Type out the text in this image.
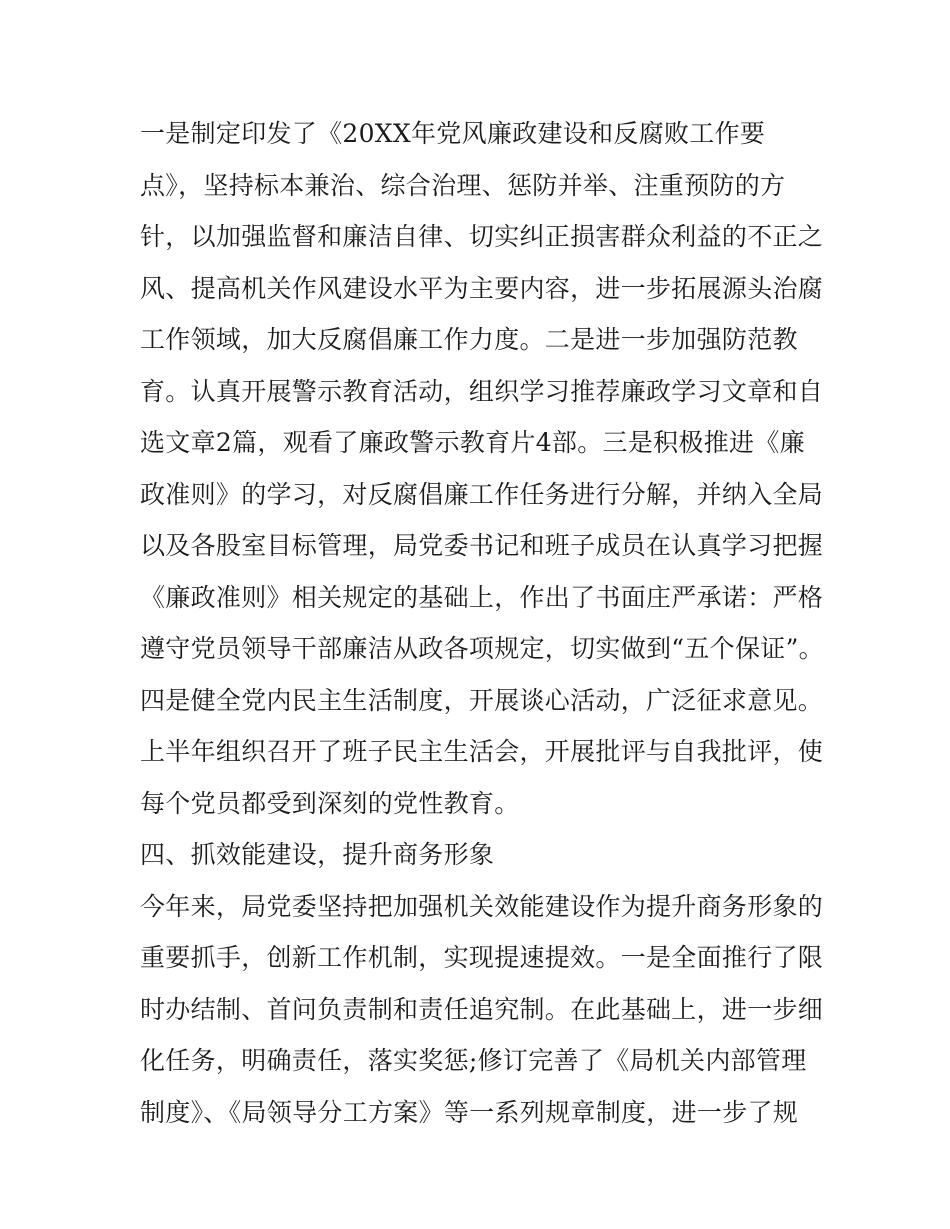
一是制定印发了《20XX年党风廉政建设和反腐败工作要
点》，坚持标本兼治、综合治理、惩防并举、注重预防的方
针，以加强监督和廉洁自律、切实纠正损害群众利益的不正之
风、提高机关作风建设水平为主要内容，进一步拓展源头治腐
工作领域，加大反腐倡廉工作力度。二是进一步加强防范教
育。认真开展警示教育活动，组织学习推荐廉政学习文章和自
选文章2篇，观看了廉政警示教育片4部。三是积极推进《廉
政准则》的学习，对反腐倡廉工作任务进行分解，并纳入全局
以及各股室目标管理，局党委书记和班子成员在认真学习把握
《廉政准则》相关规定的基础上，作出了书面庄严承诺：严格
遵守党员领导干部廉洁从政各项规定，切实做到“五个保证”。
四是健全党内民主生活制度，开展谈心活动，广泛征求意见。
上半年组织召开了班子民主生活会，开展批评与自我批评，使
每个党员都受到深刻的党性教育。
四、抓效能建设，提升商务形象
今年来，局党委坚持把加强机关效能建设作为提升商务形象的
重要抓手，创新工作机制，实现提速提效。一是全面推行了限
时办结制、首问负责制和责任追究制。在此基础上，进一步细
化任务，明确责任，落实奖惩;修订完善了《局机关内部管理
制度》、《局领导分工方案》等一系列规章制度，进一步了规
